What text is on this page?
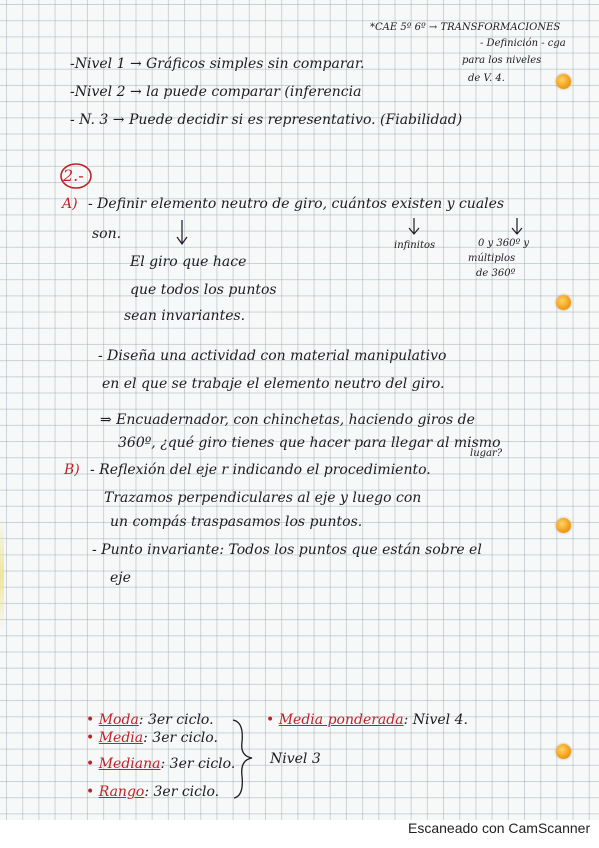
*CAE 5º 6º → TRANSFORMACIONES
- Definición - cga
para los niveles
de V. 4.
-Nivel 1 → Gráficos simples sin comparar.
-Nivel 2 → la puede comparar (inferencia
- N. 3 → Puede decidir si es representativo. (Fiabilidad)
2.-
A) - Definir elemento neutro de giro, cuántos existen y cuales
son.
El giro que hace
que todos los puntos
sean invariantes.
infinitos	0 y 360º y
múltiplos
de 360º
- Diseña una actividad con material manipulativo
en el que se trabaje el elemento neutro del giro.
⇒ Encuadernador, con chinchetas, haciendo giros de
360º, ¿qué giro tienes que hacer para llegar al mismo
lugar?
B) - Reflexión del eje r indicando el procedimiento.
Trazamos perpendiculares al eje y luego con
un compás traspasamos los puntos.
- Punto invariante: Todos los puntos que están sobre el
eje
• Moda: 3er ciclo.
• Media: 3er ciclo.
• Mediana: 3er ciclo.
• Rango: 3er ciclo.
Nivel 3
• Media ponderada: Nivel 4.
Escaneado con CamScanner
